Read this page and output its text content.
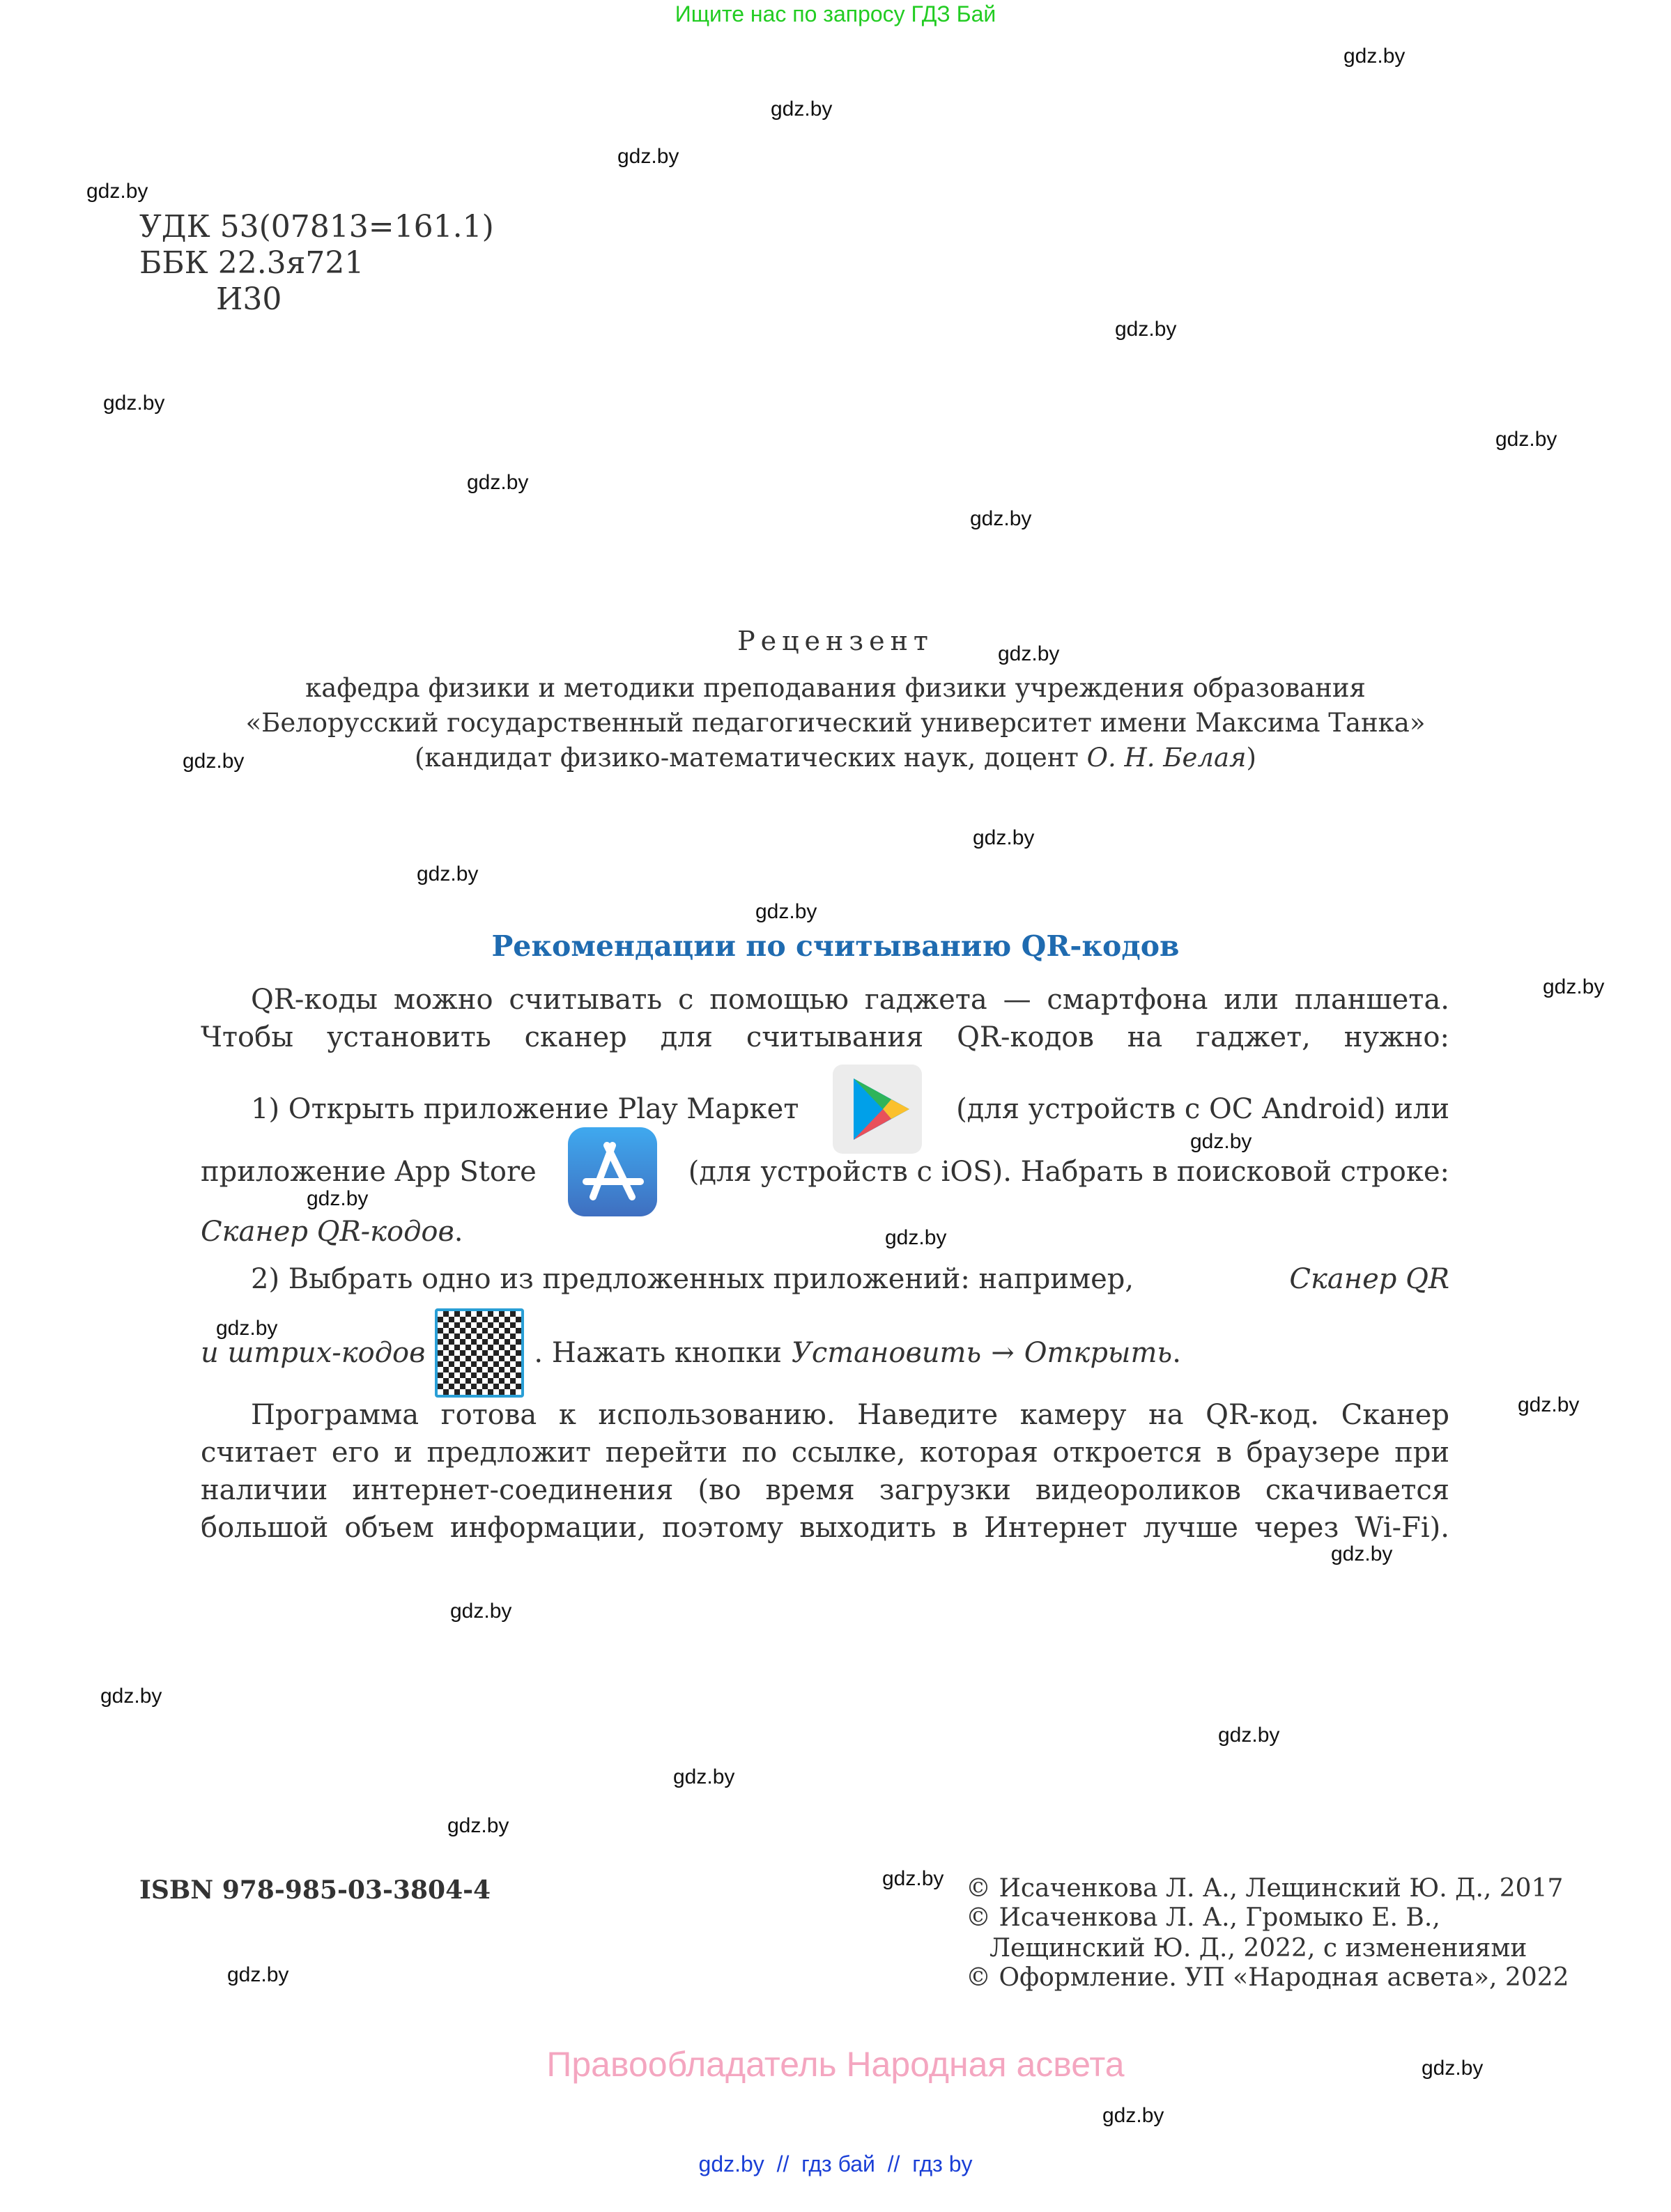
Ищите нас по запросу ГДЗ Бай
УДК 53(07813=161.1)
ББК 22.3я721
И30
Рецензент
кафедра физики и методики преподавания физики учреждения образования
«Белорусский государственный педагогический университет имени Максима Танка»
(кандидат физико-математических наук, доцент О. Н. Белая)
Рекомендации по считыванию QR-кодов
QR-коды можно считывать с помощью гаджета — смартфона или планшета.
Чтобы установить сканер для считывания QR-кодов на гаджет, нужно:
1) Открыть приложение Play Маркет	(для устройств с ОС Android) или
приложение App Store	(для устройств с iOS). Набрать в поисковой строке:
Сканер QR-кодов.
2) Выбрать одно из предложенных приложений: например,	Сканер QR
и штрих-кодов	. Нажать кнопки Установить → Открыть .
Программа готова к использованию. Наведите камеру на QR-код. Сканер
считает его и предложит перейти по ссылке, которая откроется в браузере при
наличии интернет-соединения (во время загрузки видеороликов скачивается
большой объем информации, поэтому выходить в Интернет лучше через Wi-Fi).
ISBN 978-985-03-3804-4	© Исаченкова Л. А., Лещинский Ю. Д., 2017
© Исаченкова Л. А., Громыко Е. В.,
Лещинский Ю. Д., 2022, с изменениями
© Оформление. УП «Народная асвета», 2022
Правообладатель Народная асвета
gdz.by  //  гдз бай  //  гдз by
gdz.by
gdz.by
gdz.by
gdz.by
gdz.by
gdz.by
gdz.by
gdz.by
gdz.by
gdz.by
gdz.by
gdz.by
gdz.by
gdz.by
gdz.by
gdz.by
gdz.by
gdz.by
gdz.by
gdz.by
gdz.by
gdz.by
gdz.by
gdz.by
gdz.by
gdz.by
gdz.by
gdz.by
gdz.by
gdz.by
